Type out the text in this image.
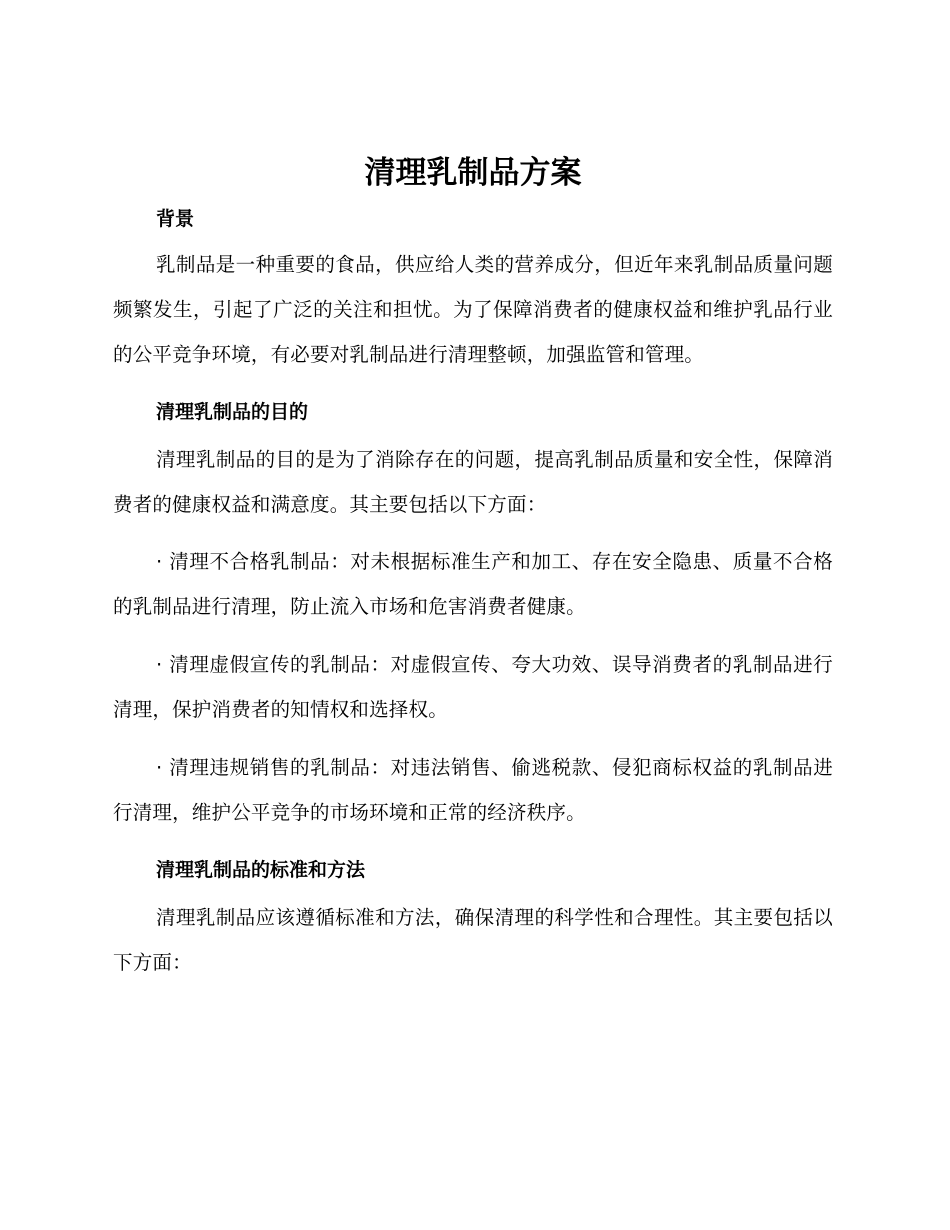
清理乳制品方案
背景

乳制品是一种重要的食品，供应给人类的营养成分，但近年来乳制品质量问题频繁发生，引起了广泛的关注和担忧。为了保障消费者的健康权益和维护乳品行业的公平竞争环境，有必要对乳制品进行清理整顿，加强监管和管理。

清理乳制品的目的

清理乳制品的目的是为了消除存在的问题，提高乳制品质量和安全性，保障消费者的健康权益和满意度。其主要包括以下方面：

· 清理不合格乳制品：对未根据标准生产和加工、存在安全隐患、质量不合格的乳制品进行清理，防止流入市场和危害消费者健康。

· 清理虚假宣传的乳制品：对虚假宣传、夸大功效、误导消费者的乳制品进行清理，保护消费者的知情权和选择权。

· 清理违规销售的乳制品：对违法销售、偷逃税款、侵犯商标权益的乳制品进行清理，维护公平竞争的市场环境和正常的经济秩序。

清理乳制品的标准和方法

清理乳制品应该遵循标准和方法，确保清理的科学性和合理性。其主要包括以下方面：
